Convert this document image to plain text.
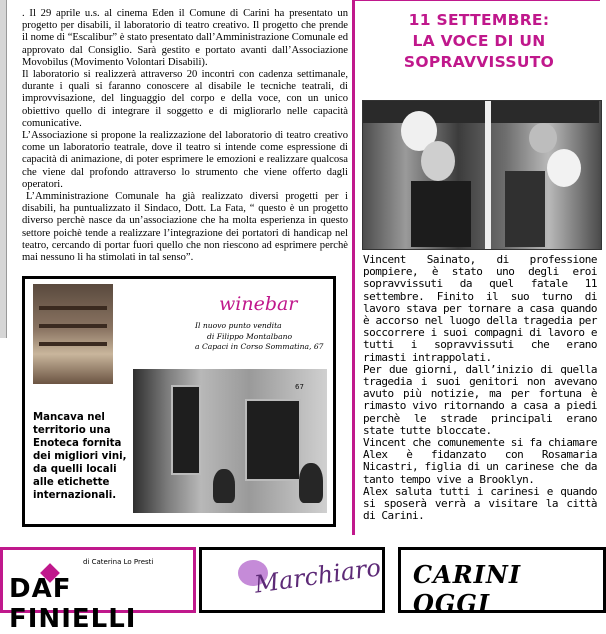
. Il 29 aprile u.s. al cinema Eden il Comune di Carini ha presentato un progetto per disabili, il laboratorio di teatro creativo. Il progetto che prende il nome di “Escalibur” è stato presentato dall’Amministrazione Comunale ed approvato dal Consiglio. Sarà gestito e portato avanti dall’Associazione Movobilus (Movimento Volontari Disabili).

Il laboratorio si realizzerà attraverso 20 incontri con cadenza settimanale, durante i quali si faranno conoscere al disabile le tecniche teatrali, di improvvisazione, del linguaggio del corpo e della voce, con un unico obiettivo quello di integrare il soggetto e di migliorarlo nelle capacità comunicative.

L’Associazione si propone la realizzazione del laboratorio di teatro creativo come un laboratorio teatrale, dove il teatro si intende come espressione di capacità di animazione, di poter esprimere le emozioni e realizzare qualcosa che viene dal profondo attraverso lo strumento che viene offerto dagli operatori.

L’Amministrazione Comunale ha già realizzato diversi progetti per i disabili, ha puntualizzato il Sindaco, Dott. La Fata, “ questo è un progetto diverso perchè nasce da un’associazione che ha molta esperienza in questo settore poichè tende a realizzare l’integrazione dei portatori di handicap nel teatro, cercando di portar fuori quello che non riescono ad esprimere perchè mai nessuno li ha stimolati in tal senso”.

winebar
Il nuovo punto vendita
di Filippo Montalbano
a Capaci in Corso Sommatina, 67
67
Mancava nel
territorio una
Enoteca fornita
dei migliori vini,
da quelli locali
alle etichette
internazionali.
11 SETTEMBRE:
LA VOCE DI UN
SOPRAVVISSUTO

Vincent Sainato, di professione pompiere, è stato uno degli eroi sopravvissuti da quel fatale 11 settembre. Finito il suo turno di lavoro stava per tornare a casa quando è accorso nel luogo della tragedia per soccorrere i suoi compagni di lavoro e tutti i sopravvissuti che erano rimasti intrappolati.

Per due giorni, dall’inizio di quella tragedia i suoi genitori non avevano avuto più notizie, ma per fortuna è rimasto vivo ritornando a casa a piedi perchè le strade principali erano state tutte bloccate.

Vincent che comunemente si fa chiamare Alex è fidanzato con Rosamaria Nicastri, figlia di un carinese che da tanto tempo vive a Brooklyn.

Alex saluta tutti i carinesi e quando si sposerà verrà a visitare la città di Carini.

di Caterina Lo Presti
DAF FINIELLI
Marchiaro CARINI OGGI
